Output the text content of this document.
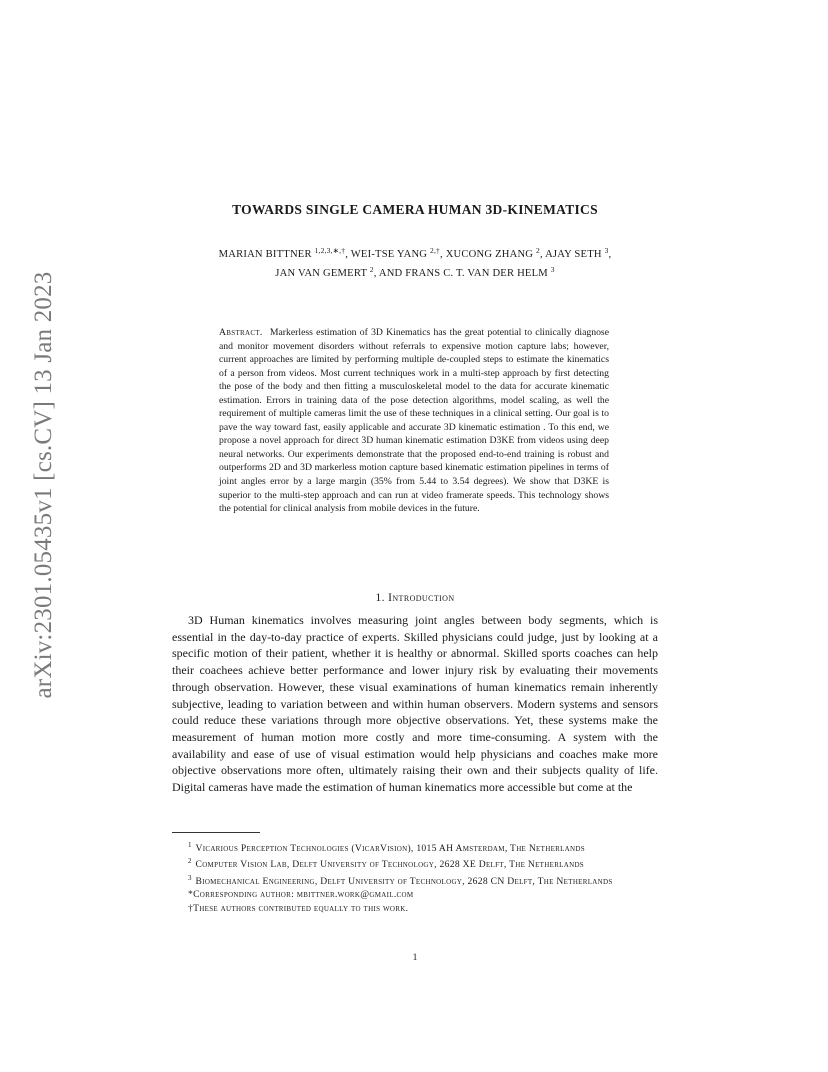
arXiv:2301.05435v1 [cs.CV] 13 Jan 2023
TOWARDS SINGLE CAMERA HUMAN 3D-KINEMATICS
MARIAN BITTNER $^{1,2,3,∗,\dagger}$, WEI-TSE YANG $^{2,\dagger}$, XUCONG ZHANG $^2$, AJAY SETH $^3$,
JAN VAN GEMERT $^2$, AND FRANS C. T. VAN DER HELM $^3$
Abstract. Markerless estimation of 3D Kinematics has the great potential to clinically diagnose and monitor movement disorders without referrals to expensive motion capture labs; however, current approaches are limited by performing multiple de-coupled steps to estimate the kinematics of a person from videos. Most current techniques work in a multi-step approach by first detecting the pose of the body and then fitting a musculoskeletal model to the data for accurate kinematic estimation. Errors in training data of the pose detection algorithms, model scaling, as well the requirement of multiple cameras limit the use of these techniques in a clinical setting. Our goal is to pave the way toward fast, easily applicable and accurate 3D kinematic estimation . To this end, we propose a novel approach for direct 3D human kinematic estimation D3KE from videos using deep neural networks. Our experiments demonstrate that the proposed end-to-end training is robust and outperforms 2D and 3D markerless motion capture based kinematic estimation pipelines in terms of joint angles error by a large margin (35% from 5.44 to 3.54 degrees). We show that D3KE is superior to the multi-step approach and can run at video framerate speeds. This technology shows the potential for clinical analysis from mobile devices in the future.
1. Introduction
3D Human kinematics involves measuring joint angles between body segments, which is essential in the day-to-day practice of experts. Skilled physicians could judge, just by looking at a specific motion of their patient, whether it is healthy or abnormal. Skilled sports coaches can help their coachees achieve better performance and lower injury risk by evaluating their movements through observation. However, these visual examinations of human kinematics remain inherently subjective, leading to variation between and within human observers. Modern systems and sensors could reduce these variations through more objective observations. Yet, these systems make the measurement of human motion more costly and more time-consuming. A system with the availability and ease of use of visual estimation would help physicians and coaches make more objective observations more often, ultimately raising their own and their subjects quality of life. Digital cameras have made the estimation of human kinematics more accessible but come at the

$^1$ Vicarious Perception Technologies (VicarVision), 1015 AH Amsterdam, The Netherlands

$^2$ Computer Vision Lab, Delft University of Technology, 2628 XE Delft, The Netherlands

$^3$ Biomechanical Engineering, Delft University of Technology, 2628 CN Delft, The Netherlands

*Corresponding author: mbittner.work@gmail.com

†These authors contributed equally to this work.

1
